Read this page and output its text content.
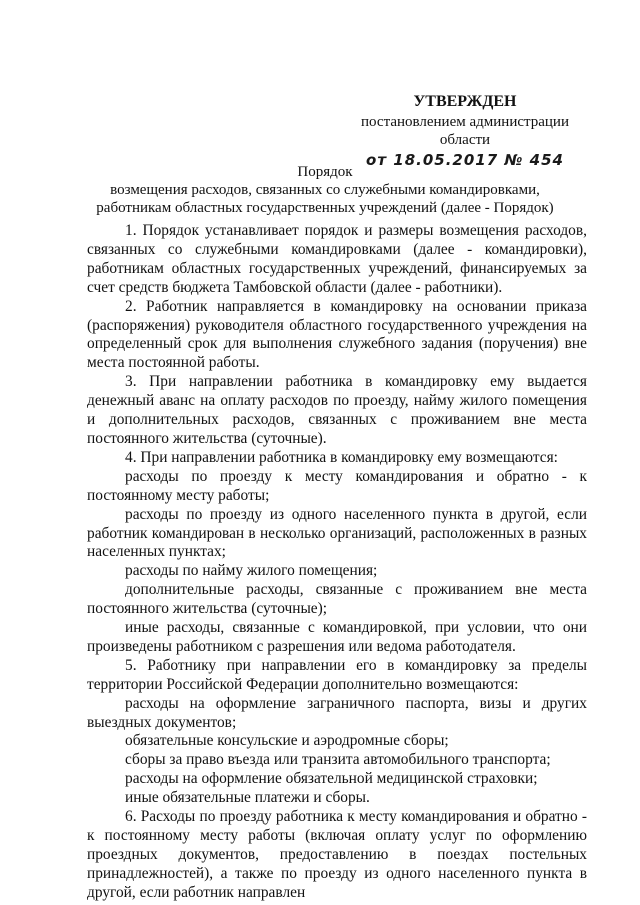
УТВЕРЖДЕН
постановлением администрации области
от 18.05.2017 № 454
Порядок
возмещения расходов, связанных со служебными командировками,
работникам областных государственных учреждений (далее - Порядок)

1. Порядок устанавливает порядок и размеры возмещения расходов, связанных со служебными командировками (далее - командировки), работникам областных государственных учреждений, финансируемых за счет средств бюджета Тамбовской области (далее - работники).

2. Работник направляется в командировку на основании приказа (распоряжения) руководителя областного государственного учреждения на определенный срок для выполнения служебного задания (поручения) вне места постоянной работы.

3. При направлении работника в командировку ему выдается денежный аванс на оплату расходов по проезду, найму жилого помещения и дополнительных расходов, связанных с проживанием вне места постоянного жительства (суточные).

4. При направлении работника в командировку ему возмещаются:

расходы по проезду к месту командирования и обратно - к постоянному месту работы;

расходы по проезду из одного населенного пункта в другой, если работник командирован в несколько организаций, расположенных в разных населенных пунктах;

расходы по найму жилого помещения;

дополнительные расходы, связанные с проживанием вне места постоянного жительства (суточные);

иные расходы, связанные с командировкой, при условии, что они произведены работником с разрешения или ведома работодателя.

5. Работнику при направлении его в командировку за пределы территории Российской Федерации дополнительно возмещаются:

расходы на оформление заграничного паспорта, визы и других выездных документов;

обязательные консульские и аэродромные сборы;

сборы за право въезда или транзита автомобильного транспорта;

расходы на оформление обязательной медицинской страховки;

иные обязательные платежи и сборы.

6. Расходы по проезду работника к месту командирования и обратно - к постоянному месту работы (включая оплату услуг по оформлению проездных документов, предоставлению в поездах постельных принадлежностей), а также по проезду из одного населенного пункта в другой, если работник направлен
